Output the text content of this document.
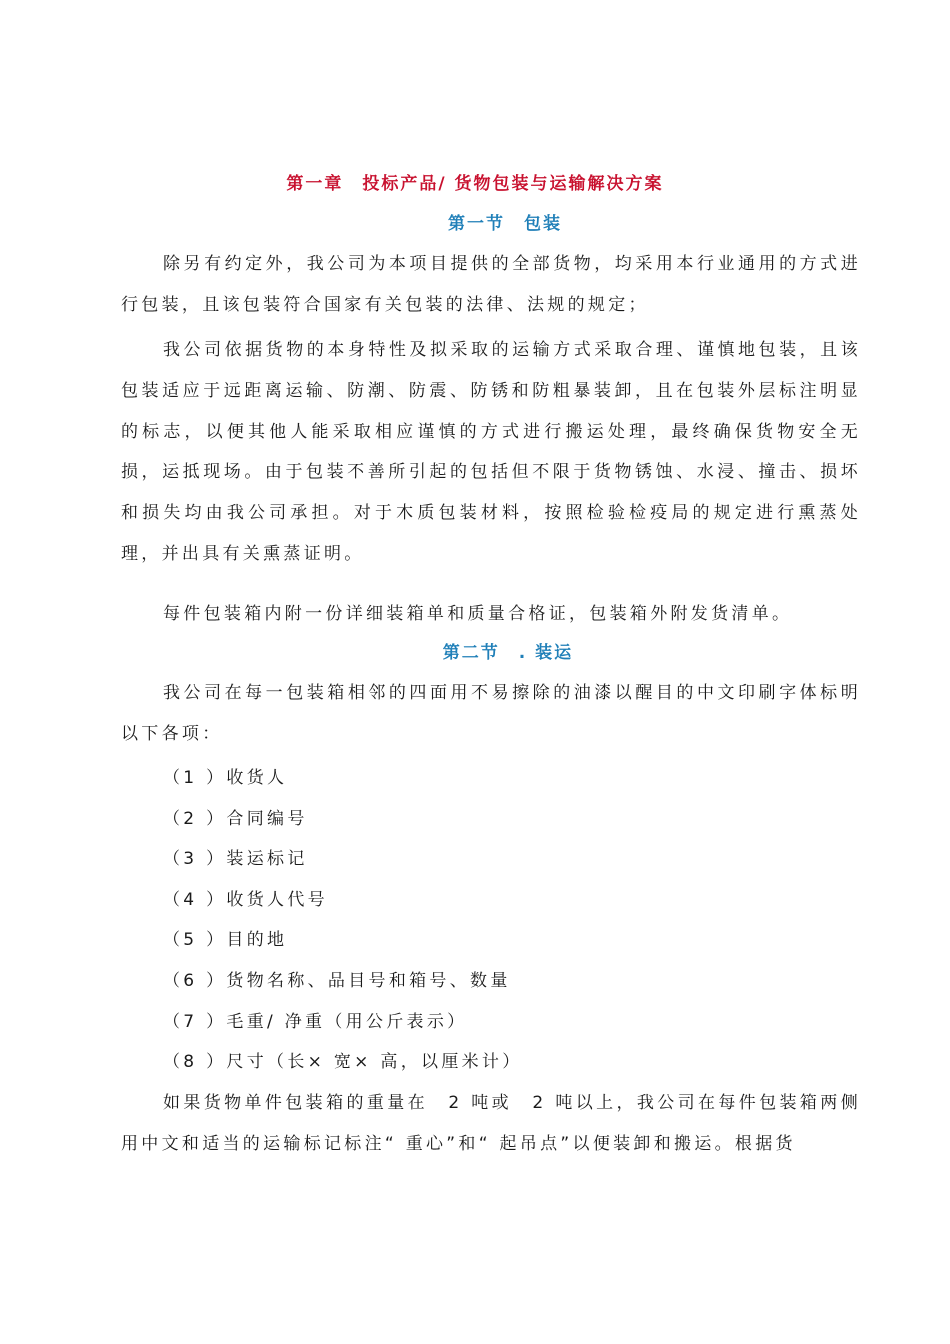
第一章　投标产品/ 货物包装与运输解决方案
第一节　包装

除另有约定外，我公司为本项目提供的全部货物，均采用本行业通用的方式进行包装，且该包装符合国家有关包装的法律、法规的规定；

我公司依据货物的本身特性及拟采取的运输方式采取合理、谨慎地包装，且该包装适应于远距离运输、防潮、防震、防锈和防粗暴装卸，且在包装外层标注明显的标志，以便其他人能采取相应谨慎的方式进行搬运处理，最终确保货物安全无损，运抵现场。由于包装不善所引起的包括但不限于货物锈蚀、水浸、撞击、损坏和损失均由我公司承担。对于木质包装材料，按照检验检疫局的规定进行熏蒸处理，并出具有关熏蒸证明。

每件包装箱内附一份详细装箱单和质量合格证，包装箱外附发货清单。

第二节　. 装运

我公司在每一包装箱相邻的四面用不易擦除的油漆以醒目的中文印刷字体标明以下各项：

（1 ）收货人
（2 ）合同编号
（3 ）装运标记
（4 ）收货人代号
（5 ）目的地
（6 ）货物名称、品目号和箱号、数量
（7 ）毛重/ 净重（用公斤表示）
（8 ）尺寸（长× 宽× 高，以厘米计）

如果货物单件包装箱的重量在　2 吨或　2 吨以上，我公司在每件包装箱两侧用中文和适当的运输标记标注“ 重心”和“ 起吊点”以便装卸和搬运。根据货
